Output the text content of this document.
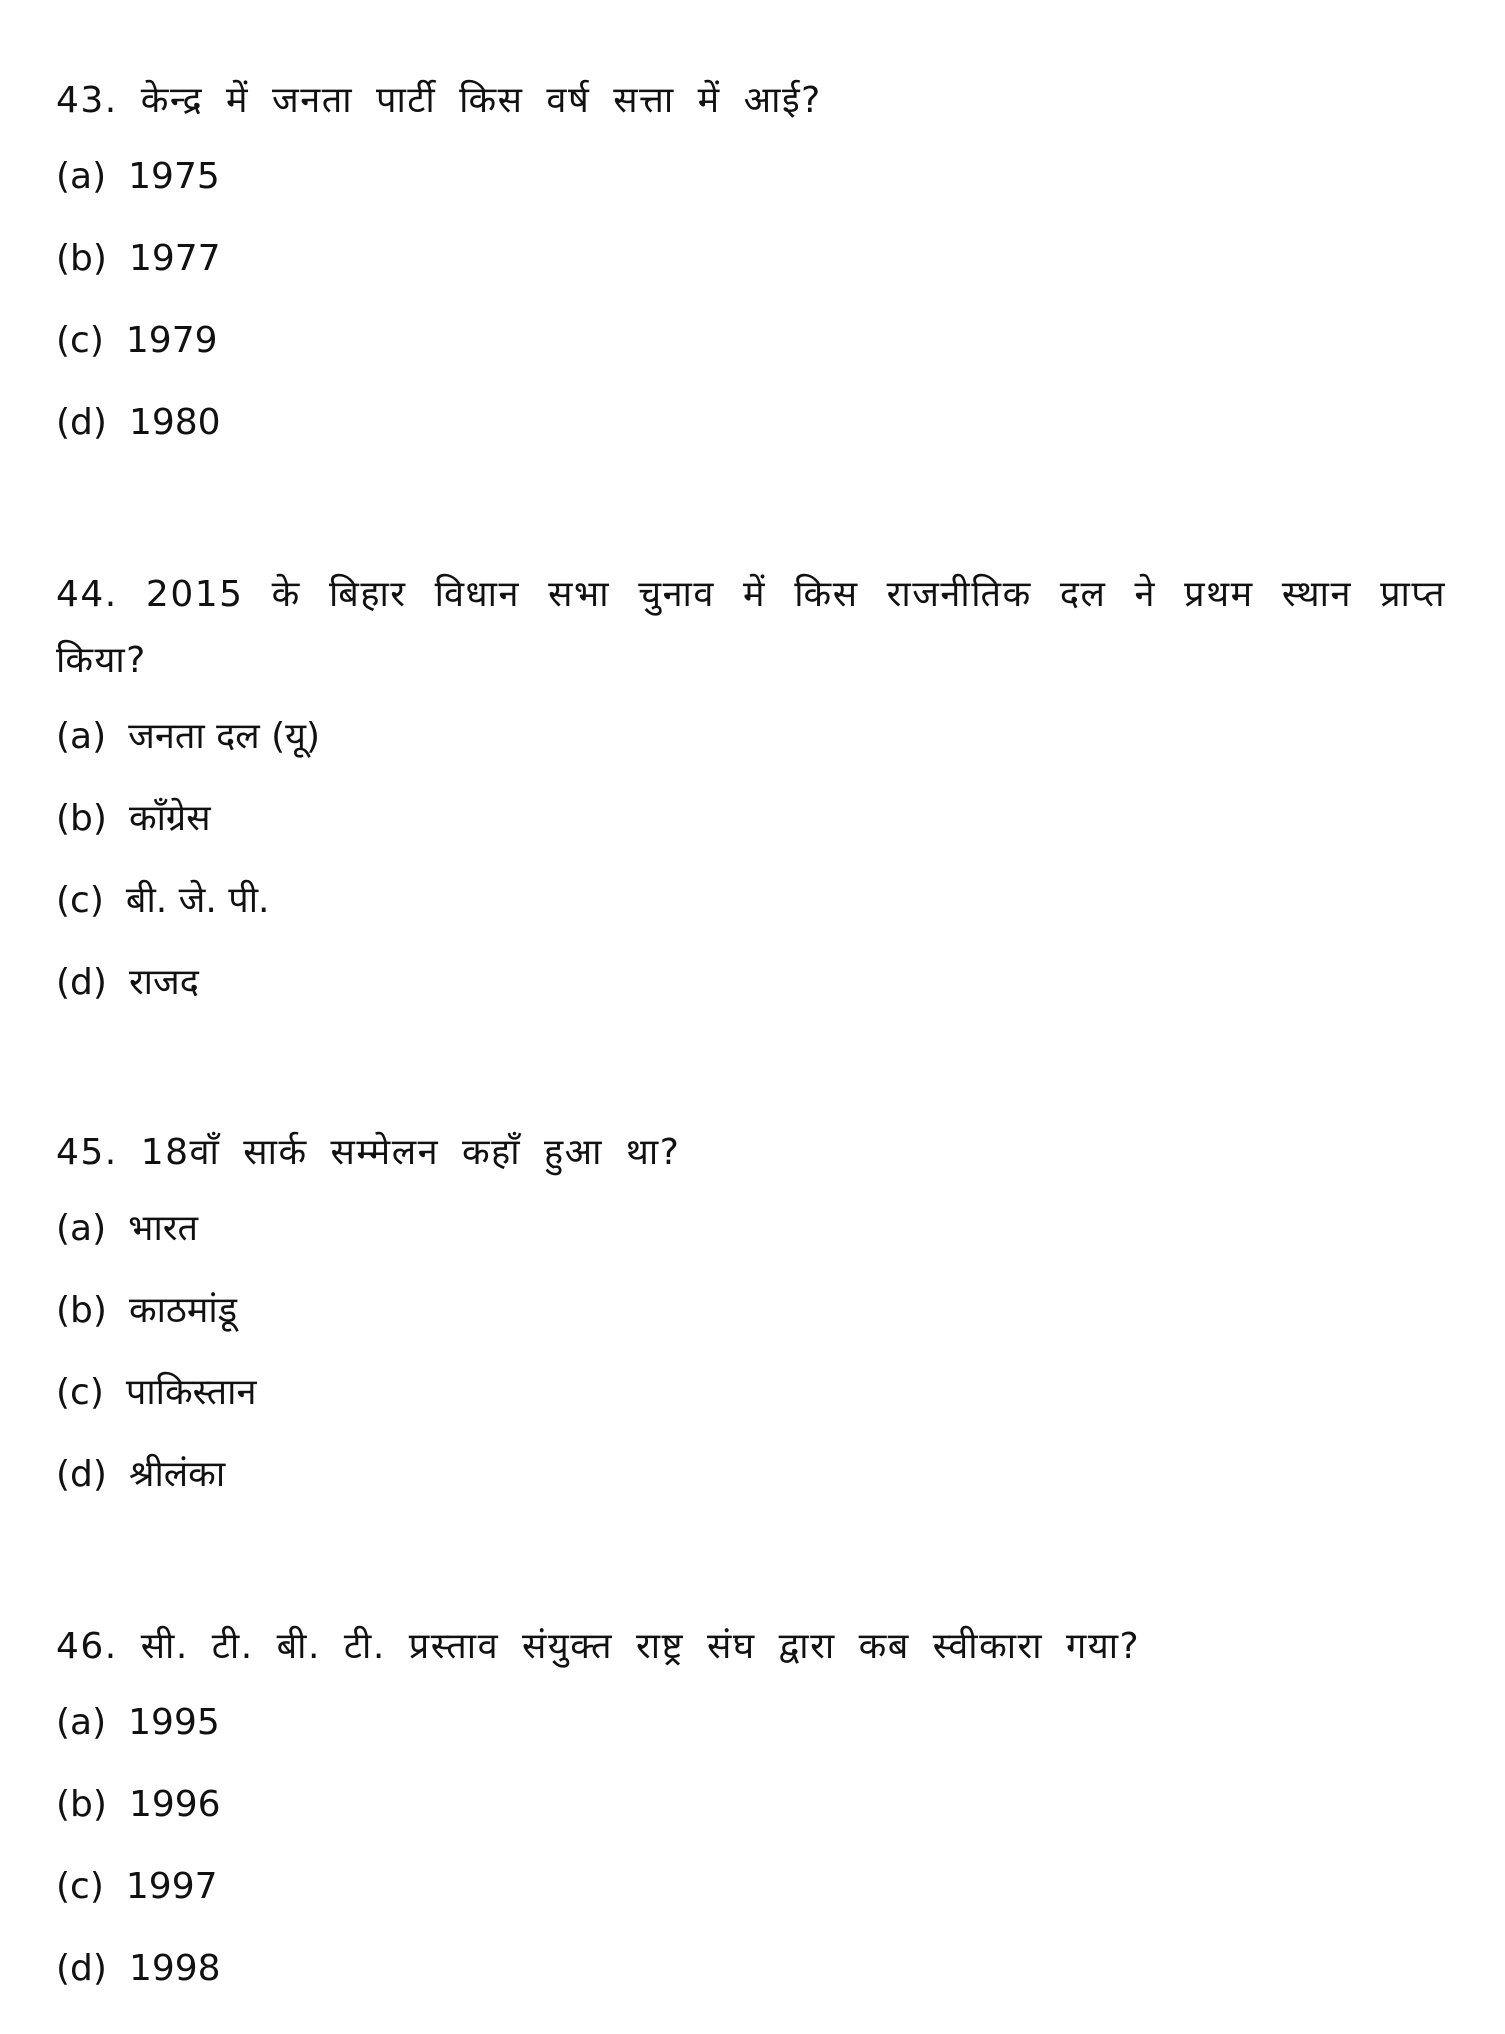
43. केन्द्र में जनता पार्टी किस वर्ष सत्ता में आई?

(a) 1975

(b) 1977

(c) 1979

(d) 1980

44. 2015 के बिहार विधान सभा चुनाव में किस राजनीतिक दल ने प्रथम स्थान प्राप्त किया?

(a) जनता दल (यू)

(b) काँग्रेस

(c) बी. जे. पी.

(d) राजद

45. 18वाँ सार्क सम्मेलन कहाँ हुआ था?

(a) भारत

(b) काठमांडू

(c) पाकिस्तान

(d) श्रीलंका

46. सी. टी. बी. टी. प्रस्ताव संयुक्त राष्ट्र संघ द्वारा कब स्वीकारा गया?

(a) 1995

(b) 1996

(c) 1997

(d) 1998
